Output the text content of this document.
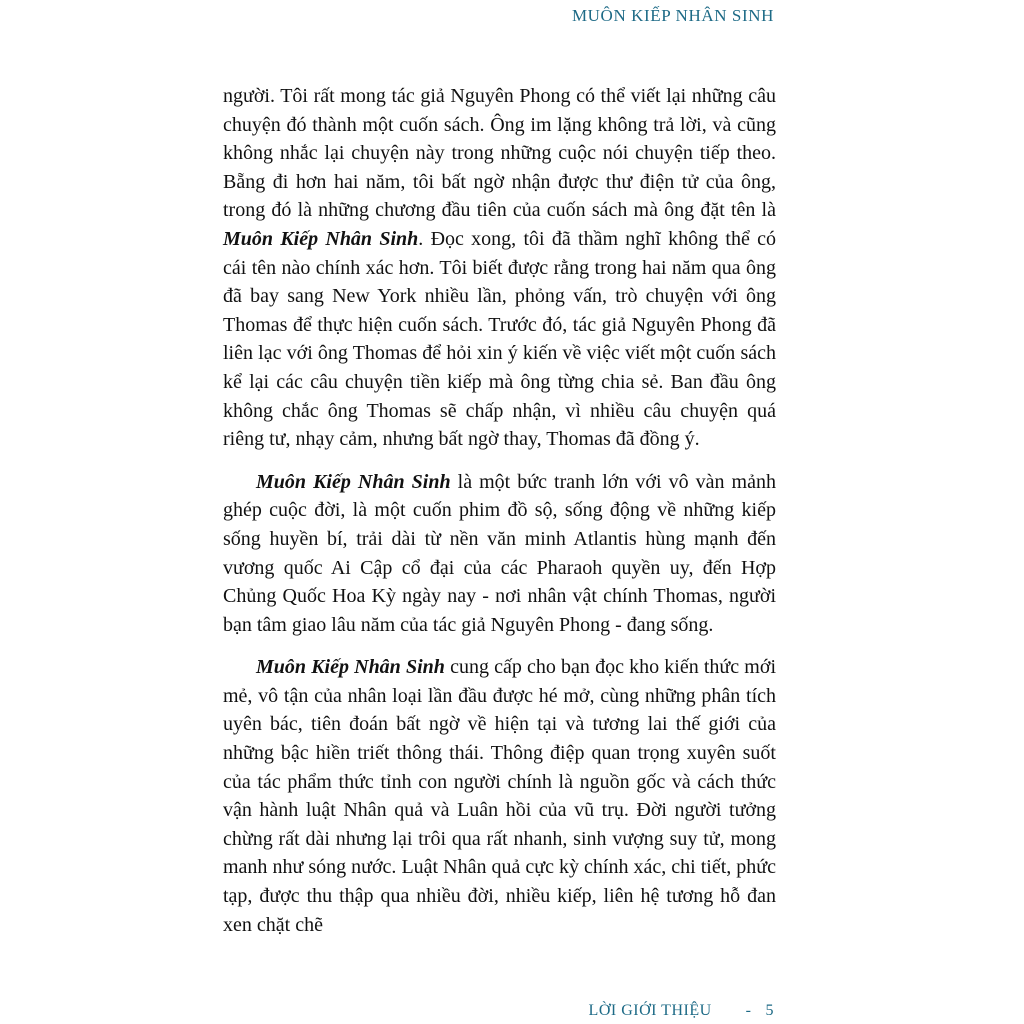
MUÔN KIẾP NHÂN SINH

người. Tôi rất mong tác giả Nguyên Phong có thể viết lại những câu chuyện đó thành một cuốn sách. Ông im lặng không trả lời, và cũng không nhắc lại chuyện này trong những cuộc nói chuyện tiếp theo. Bẵng đi hơn hai năm, tôi bất ngờ nhận được thư điện tử của ông, trong đó là những chương đầu tiên của cuốn sách mà ông đặt tên là Muôn Kiếp Nhân Sinh. Đọc xong, tôi đã thầm nghĩ không thể có cái tên nào chính xác hơn. Tôi biết được rằng trong hai năm qua ông đã bay sang New York nhiều lần, phỏng vấn, trò chuyện với ông Thomas để thực hiện cuốn sách. Trước đó, tác giả Nguyên Phong đã liên lạc với ông Thomas để hỏi xin ý kiến về việc viết một cuốn sách kể lại các câu chuyện tiền kiếp mà ông từng chia sẻ. Ban đầu ông không chắc ông Thomas sẽ chấp nhận, vì nhiều câu chuyện quá riêng tư, nhạy cảm, nhưng bất ngờ thay, Thomas đã đồng ý.

Muôn Kiếp Nhân Sinh là một bức tranh lớn với vô vàn mảnh ghép cuộc đời, là một cuốn phim đồ sộ, sống động về những kiếp sống huyền bí, trải dài từ nền văn minh Atlantis hùng mạnh đến vương quốc Ai Cập cổ đại của các Pharaoh quyền uy, đến Hợp Chủng Quốc Hoa Kỳ ngày nay - nơi nhân vật chính Thomas, người bạn tâm giao lâu năm của tác giả Nguyên Phong - đang sống.

Muôn Kiếp Nhân Sinh cung cấp cho bạn đọc kho kiến thức mới mẻ, vô tận của nhân loại lần đầu được hé mở, cùng những phân tích uyên bác, tiên đoán bất ngờ về hiện tại và tương lai thế giới của những bậc hiền triết thông thái. Thông điệp quan trọng xuyên suốt của tác phẩm thức tỉnh con người chính là nguồn gốc và cách thức vận hành luật Nhân quả và Luân hồi của vũ trụ. Đời người tưởng chừng rất dài nhưng lại trôi qua rất nhanh, sinh vượng suy tử, mong manh như sóng nước. Luật Nhân quả cực kỳ chính xác, chi tiết, phức tạp, được thu thập qua nhiều đời, nhiều kiếp, liên hệ tương hỗ đan xen chặt chẽ

LỜI GIỚI THIỆU - 5
